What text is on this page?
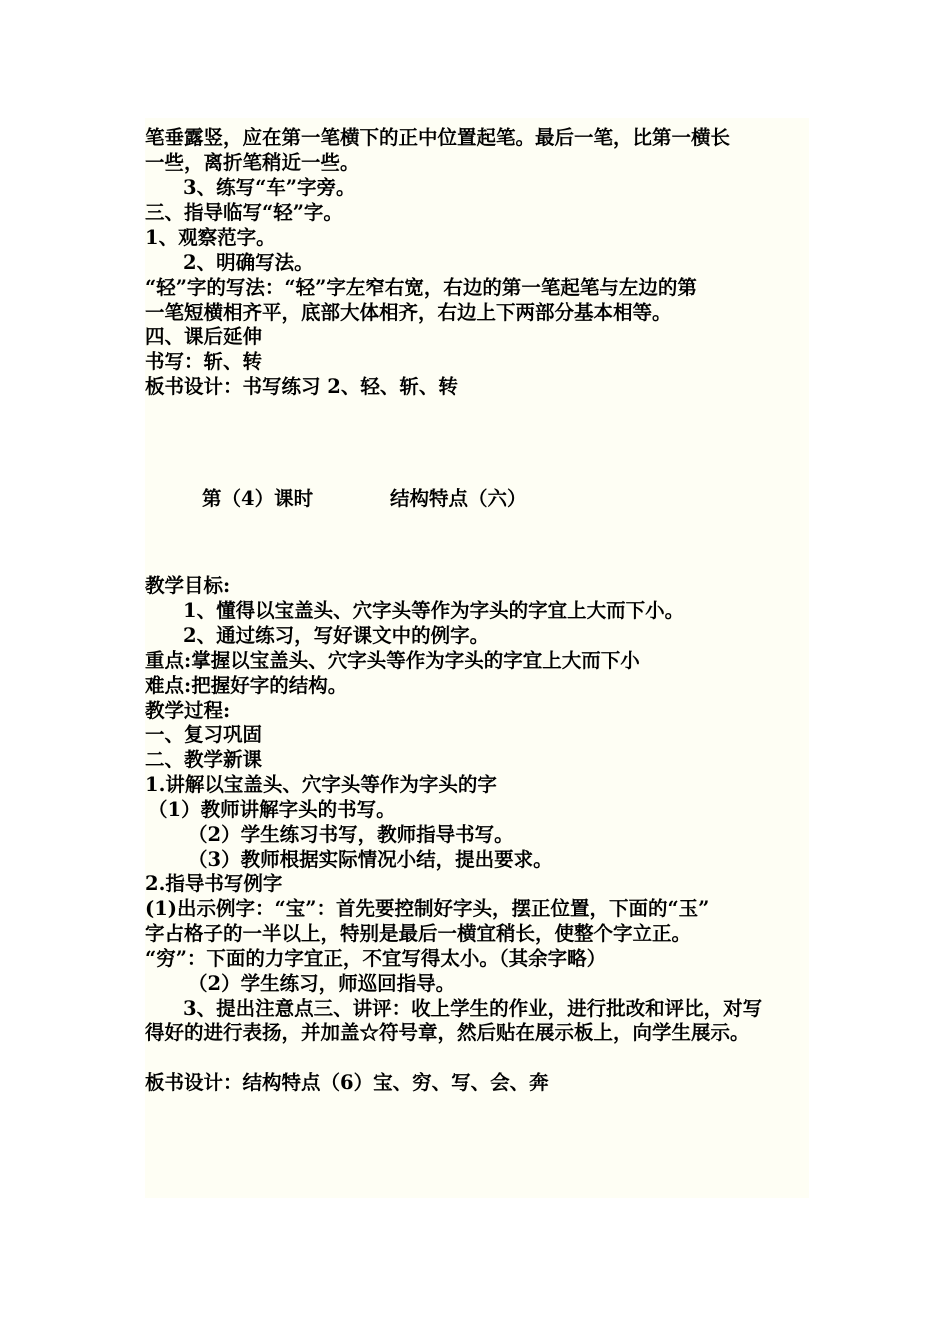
笔垂露竖，应在第一笔横下的正中位置起笔。最后一笔，比第一横长
一些，离折笔稍近一些。
3、练写“车”字旁。
三、指导临写“轻”字。
1、观察范字。
2、明确写法。
“轻”字的写法：“轻”字左窄右宽，右边的第一笔起笔与左边的第
一笔短横相齐平，底部大体相齐，右边上下两部分基本相等。
四、课后延伸
书写：斩、转
板书设计：书写练习 2、轻、斩、转
第（4）课时	结构特点（六）
教学目标:
1、懂得以宝盖头、穴字头等作为字头的字宜上大而下小。
2、通过练习，写好课文中的例字。
重点:掌握以宝盖头、穴字头等作为字头的字宜上大而下小
难点:把握好字的结构。
教学过程:
一、复习巩固
二、教学新课
1.讲解以宝盖头、穴字头等作为字头的字
（1）教师讲解字头的书写。
（2）学生练习书写，教师指导书写。
（3）教师根据实际情况小结，提出要求。
2.指导书写例字
(1)出示例字：“宝”：首先要控制好字头，摆正位置，下面的“玉”
字占格子的一半以上，特别是最后一横宜稍长，使整个字立正。
“穷”：下面的力字宜正，不宜写得太小。（其余字略）
（2）学生练习，师巡回指导。
3、提出注意点三、讲评：收上学生的作业，进行批改和评比，对写
得好的进行表扬，并加盖☆符号章，然后贴在展示板上，向学生展示。
板书设计：结构特点（6）宝、穷、写、会、奔
